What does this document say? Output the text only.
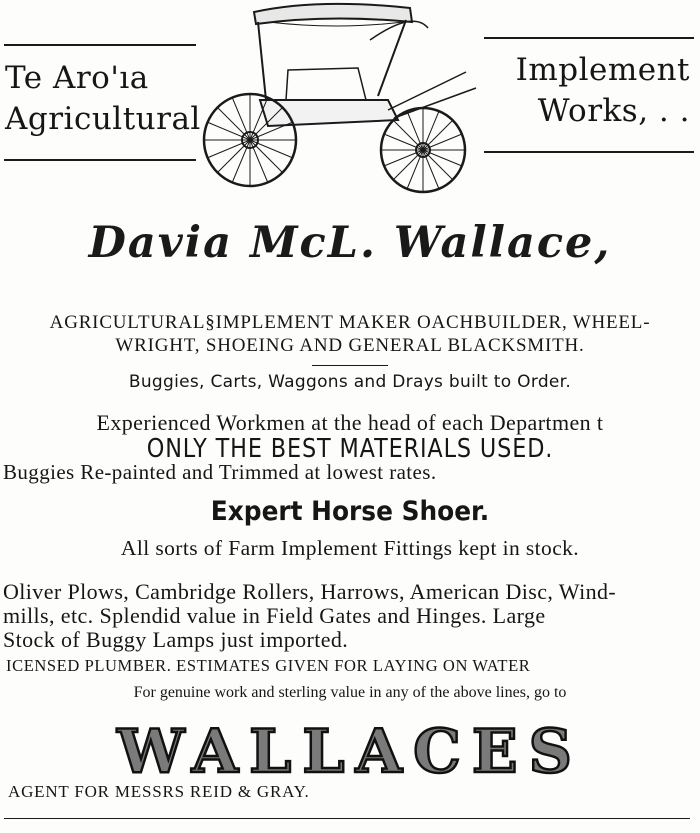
Te Aro'ıa
Agricultural
Implement
Works, . .
Davia McL. Wallace,
AGRICULTURAL§IMPLEMENT MAKER OACHBUILDER, WHEEL-
WRIGHT, SHOEING AND GENERAL BLACKSMITH.
Buggies, Carts, Waggons and Drays built to Order.
Experienced Workmen at the head of each Departmen t
ONLY THE BEST MATERIALS USED.
Buggies Re-painted and Trimmed at lowest rates.
Expert Horse Shoer.
All sorts of Farm Implement Fittings kept in stock.
Oliver Plows, Cambridge Rollers, Harrows, American Disc, Wind-
mills, etc. Splendid value in Field Gates and Hinges. Large
Stock of Buggy Lamps just imported.
ICENSED PLUMBER. ESTIMATES GIVEN FOR LAYING ON WATER
For genuine work and sterling value in any of the above lines, go to
WALLACES
AGENT FOR MESSRS REID & GRAY.
